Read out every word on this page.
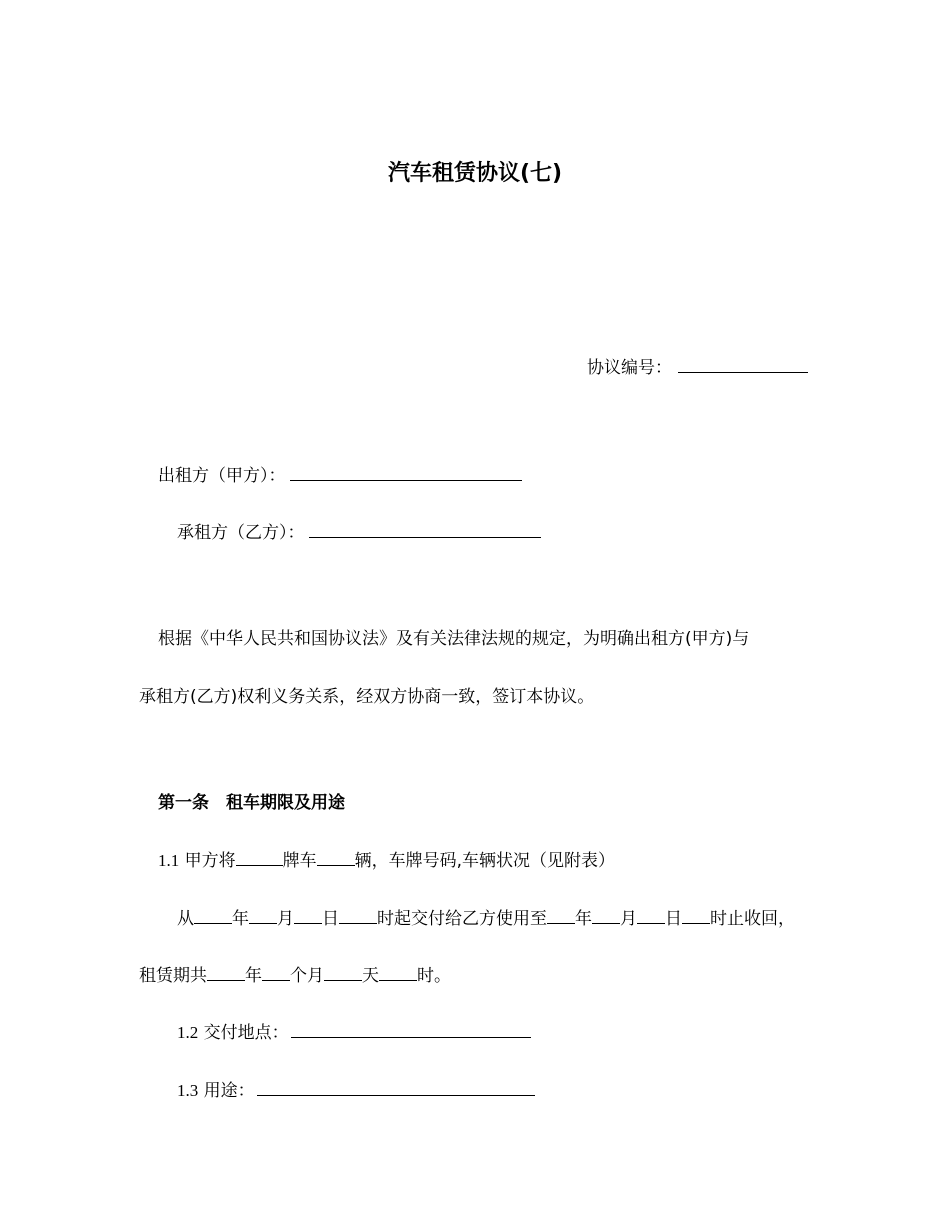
汽车租赁协议(七)
协议编号：
出租方（甲方）：
承租方（乙方）：
根据《中华人民共和国协议法》及有关法律法规的规定，为明确出租方(甲方)与
承租方(乙方)权利义务关系，经双方协商一致，签订本协议。
第一条　租车期限及用途
1.1 甲方将	牌车 辆，车牌号码,车辆状况（见附表）
从 年 月 日 时起交付给乙方使用至 年 月 日 时止收回，
租赁期共 年 个月 天 时。
1.2 交付地点：
1.3 用途：
